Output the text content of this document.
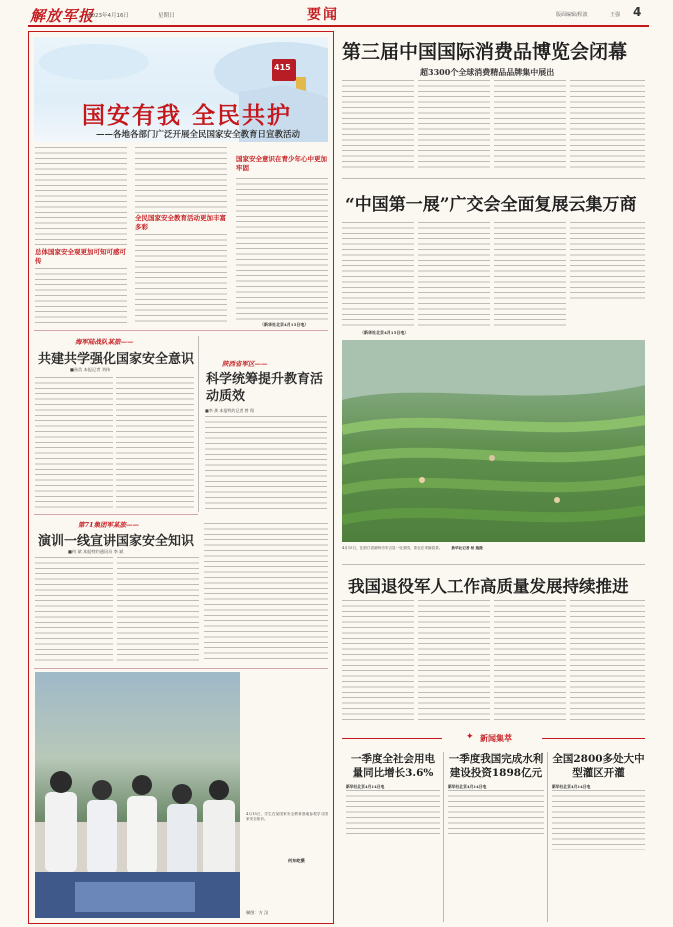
解放军报
2023年4月16日	星期日	要闻	版面编辑/程波	王强 4
415
国安有我 全民共护
——各地各部门广泛开展全民国家安全教育日宣教活动
总体国家安全观更加可知可感可传
全民国家安全教育活动更加丰富多彩
国家安全意识在青少年心中更加牢固
（新华社北京4月15日电）
海军陆战队某旅——
共建共学强化国家安全意识
■孙浩 本报记者 刘伟
陕西省军区——
科学统筹提升教育活动质效
■李 龚 本报特约记者 曾 翔
第71集团军某旅——
演训一线宣讲国家安全知识
■何 斌 本报特约通讯员 李 斌
4月15日，学生在某国家安全教育基地参观学习国家安全知识。
何东屹摄
制图：方 汉
第三届中国国际消费品博览会闭幕
超3300个全球消费精品品牌集中展出
“中国第一展”广交会全面复展云集万商
（新华社北京4月15日电）
4月15日，在浙江省湖州市安吉县一处茶园，茶农在采摘春茶。	新华社记者 杨 瑞摄
我国退役军人工作高质量发展持续推进
✦ 新闻集萃
一季度全社会用电量同比增长3.6%
新华社北京4月14日电
一季度我国完成水利建设投资1898亿元
新华社北京4月14日电
全国2800多处大中型灌区开灌
新华社北京4月14日电
